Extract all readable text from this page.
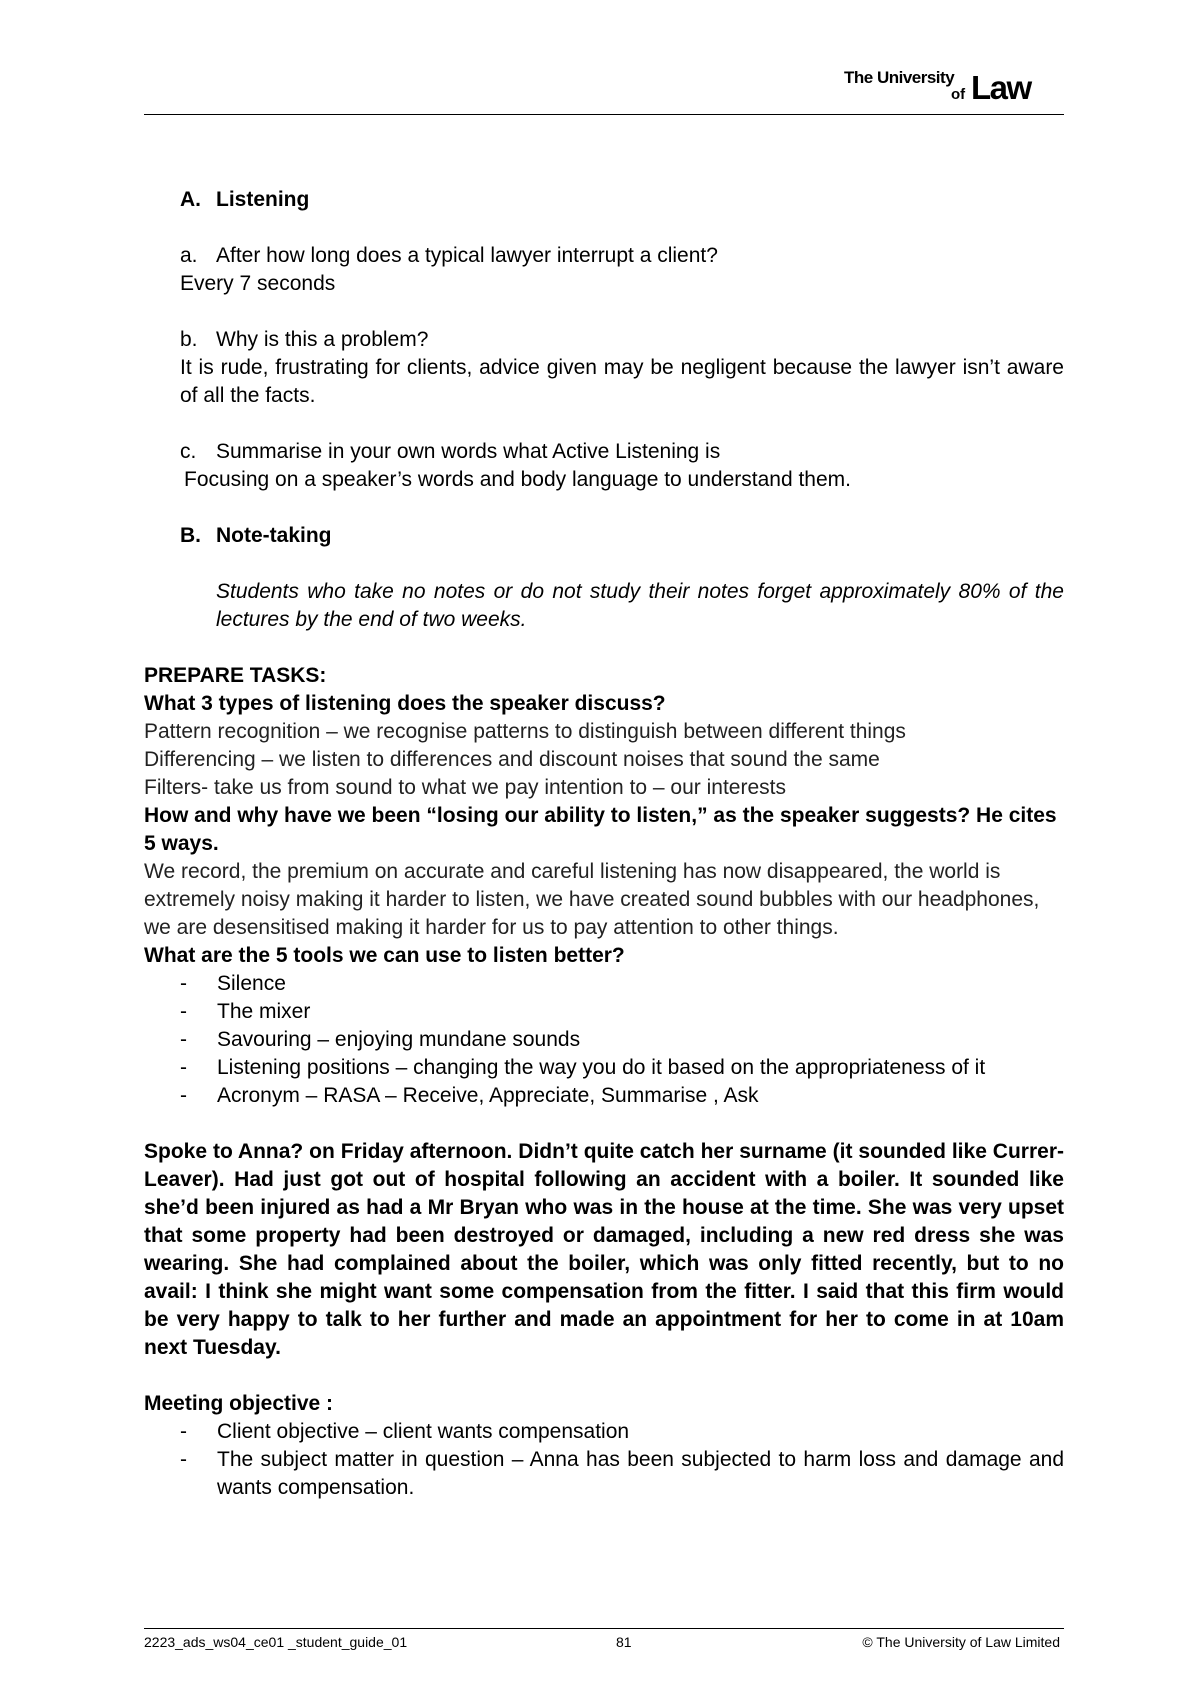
The University
of Law
A. Listening
a. After how long does a typical lawyer interrupt a client?
Every 7 seconds
b. Why is this a problem?
It is rude, frustrating for clients, advice given may be negligent because the lawyer isn’t aware of all the facts.
c. Summarise in your own words what Active Listening is
Focusing on a speaker’s words and body language to understand them.
B. Note-taking
Students who take no notes or do not study their notes forget approximately 80% of the lectures by the end of two weeks.
PREPARE TASKS:
What 3 types of listening does the speaker discuss?
Pattern recognition – we recognise patterns to distinguish between different things
Differencing – we listen to differences and discount noises that sound the same
Filters- take us from sound to what we pay intention to – our interests
How and why have we been “losing our ability to listen,” as the speaker suggests? He cites 5 ways.
We record, the premium on accurate and careful listening has now disappeared, the world is extremely noisy making it harder to listen, we have created sound bubbles with our headphones, we are desensitised making it harder for us to pay attention to other things.
What are the 5 tools we can use to listen better?
- Silence
- The mixer
- Savouring – enjoying mundane sounds
- Listening positions – changing the way you do it based on the appropriateness of it
- Acronym – RASA – Receive, Appreciate, Summarise , Ask
Spoke to Anna? on Friday afternoon. Didn’t quite catch her surname (it sounded like Currer-Leaver). Had just got out of hospital following an accident with a boiler. It sounded like she’d been injured as had a Mr Bryan who was in the house at the time. She was very upset that some property had been destroyed or damaged, including a new red dress she was wearing. She had complained about the boiler, which was only fitted recently, but to no avail: I think she might want some compensation from the fitter. I said that this firm would be very happy to talk to her further and made an appointment for her to come in at 10am next Tuesday.
Meeting objective :
- Client objective – client wants compensation
- The subject matter in question – Anna has been subjected to harm loss and damage and wants compensation.
2223_ads_ws04_ce01 _student_guide_01	81	© The University of Law Limited
